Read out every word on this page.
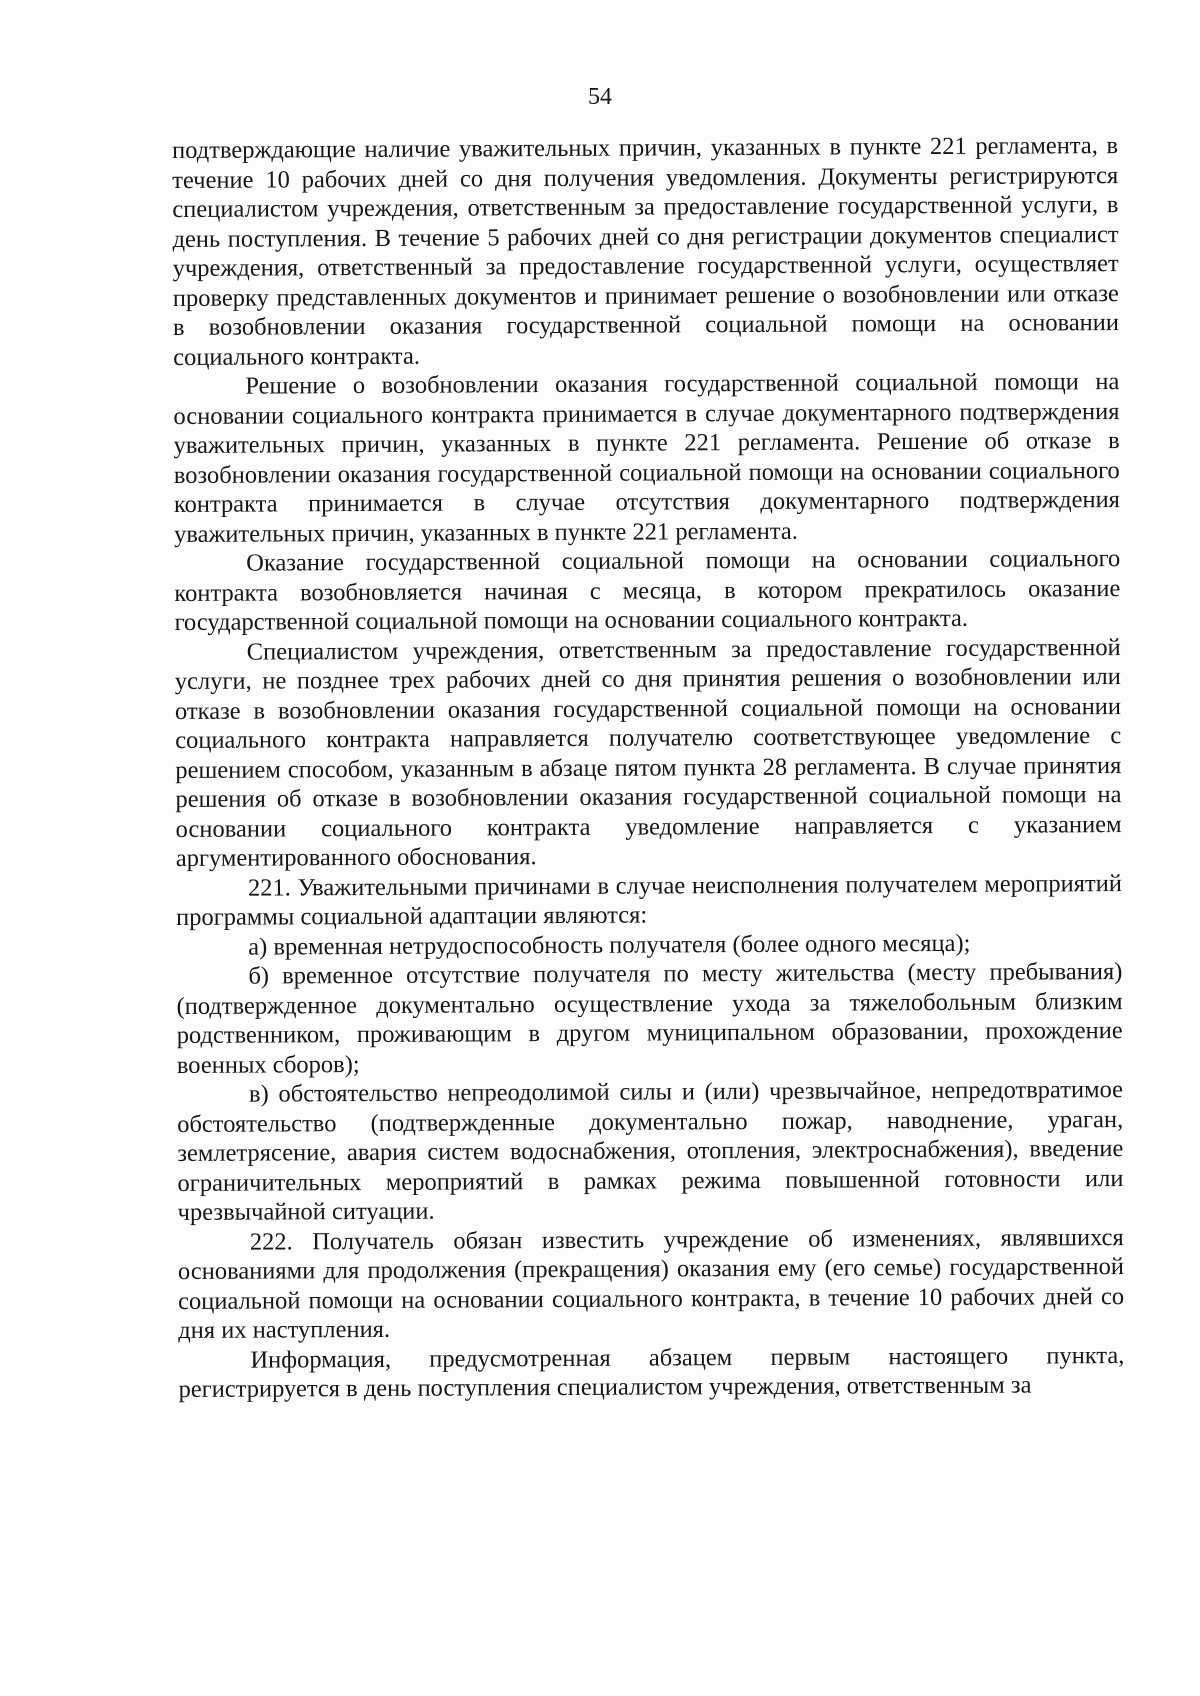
54

подтверждающие наличие уважительных причин, указанных в пункте 221 регламента, в течение 10 рабочих дней со дня получения уведомления. Документы регистрируются специалистом учреждения, ответственным за предоставление государственной услуги, в день поступления. В течение 5 рабочих дней со дня регистрации документов специалист учреждения, ответственный за предоставление государственной услуги, осуществляет проверку представленных документов и принимает решение о возобновлении или отказе в возобновлении оказания государственной социальной помощи на основании социального контракта.

Решение о возобновлении оказания государственной социальной помощи на основании социального контракта принимается в случае документарного подтверждения уважительных причин, указанных в пункте 221 регламента. Решение об отказе в возобновлении оказания государственной социальной помощи на основании социального контракта принимается в случае отсутствия документарного подтверждения уважительных причин, указанных в пункте 221 регламента.

Оказание государственной социальной помощи на основании социального контракта возобновляется начиная с месяца, в котором прекратилось оказание государственной социальной помощи на основании социального контракта.

Специалистом учреждения, ответственным за предоставление государственной услуги, не позднее трех рабочих дней со дня принятия решения о возобновлении или отказе в возобновлении оказания государственной социальной помощи на основании социального контракта направляется получателю соответствующее уведомление с решением способом, указанным в абзаце пятом пункта 28 регламента. В случае принятия решения об отказе в возобновлении оказания государственной социальной помощи на основании социального контракта уведомление направляется с указанием аргументированного обоснования.

221. Уважительными причинами в случае неисполнения получателем мероприятий программы социальной адаптации являются:

а) временная нетрудоспособность получателя (более одного месяца);

б) временное отсутствие получателя по месту жительства (месту пребывания) (подтвержденное документально осуществление ухода за тяжелобольным близким родственником, проживающим в другом муниципальном образовании, прохождение военных сборов);

в) обстоятельство непреодолимой силы и (или) чрезвычайное, непредотвратимое обстоятельство (подтвержденные документально пожар, наводнение, ураган, землетрясение, авария систем водоснабжения, отопления, электроснабжения), введение ограничительных мероприятий в рамках режима повышенной готовности или чрезвычайной ситуации.

222. Получатель обязан известить учреждение об изменениях, являвшихся основаниями для продолжения (прекращения) оказания ему (его семье) государственной социальной помощи на основании социального контракта, в течение 10 рабочих дней со дня их наступления.

Информация, предусмотренная абзацем первым настоящего пункта, регистрируется в день поступления специалистом учреждения, ответственным за
